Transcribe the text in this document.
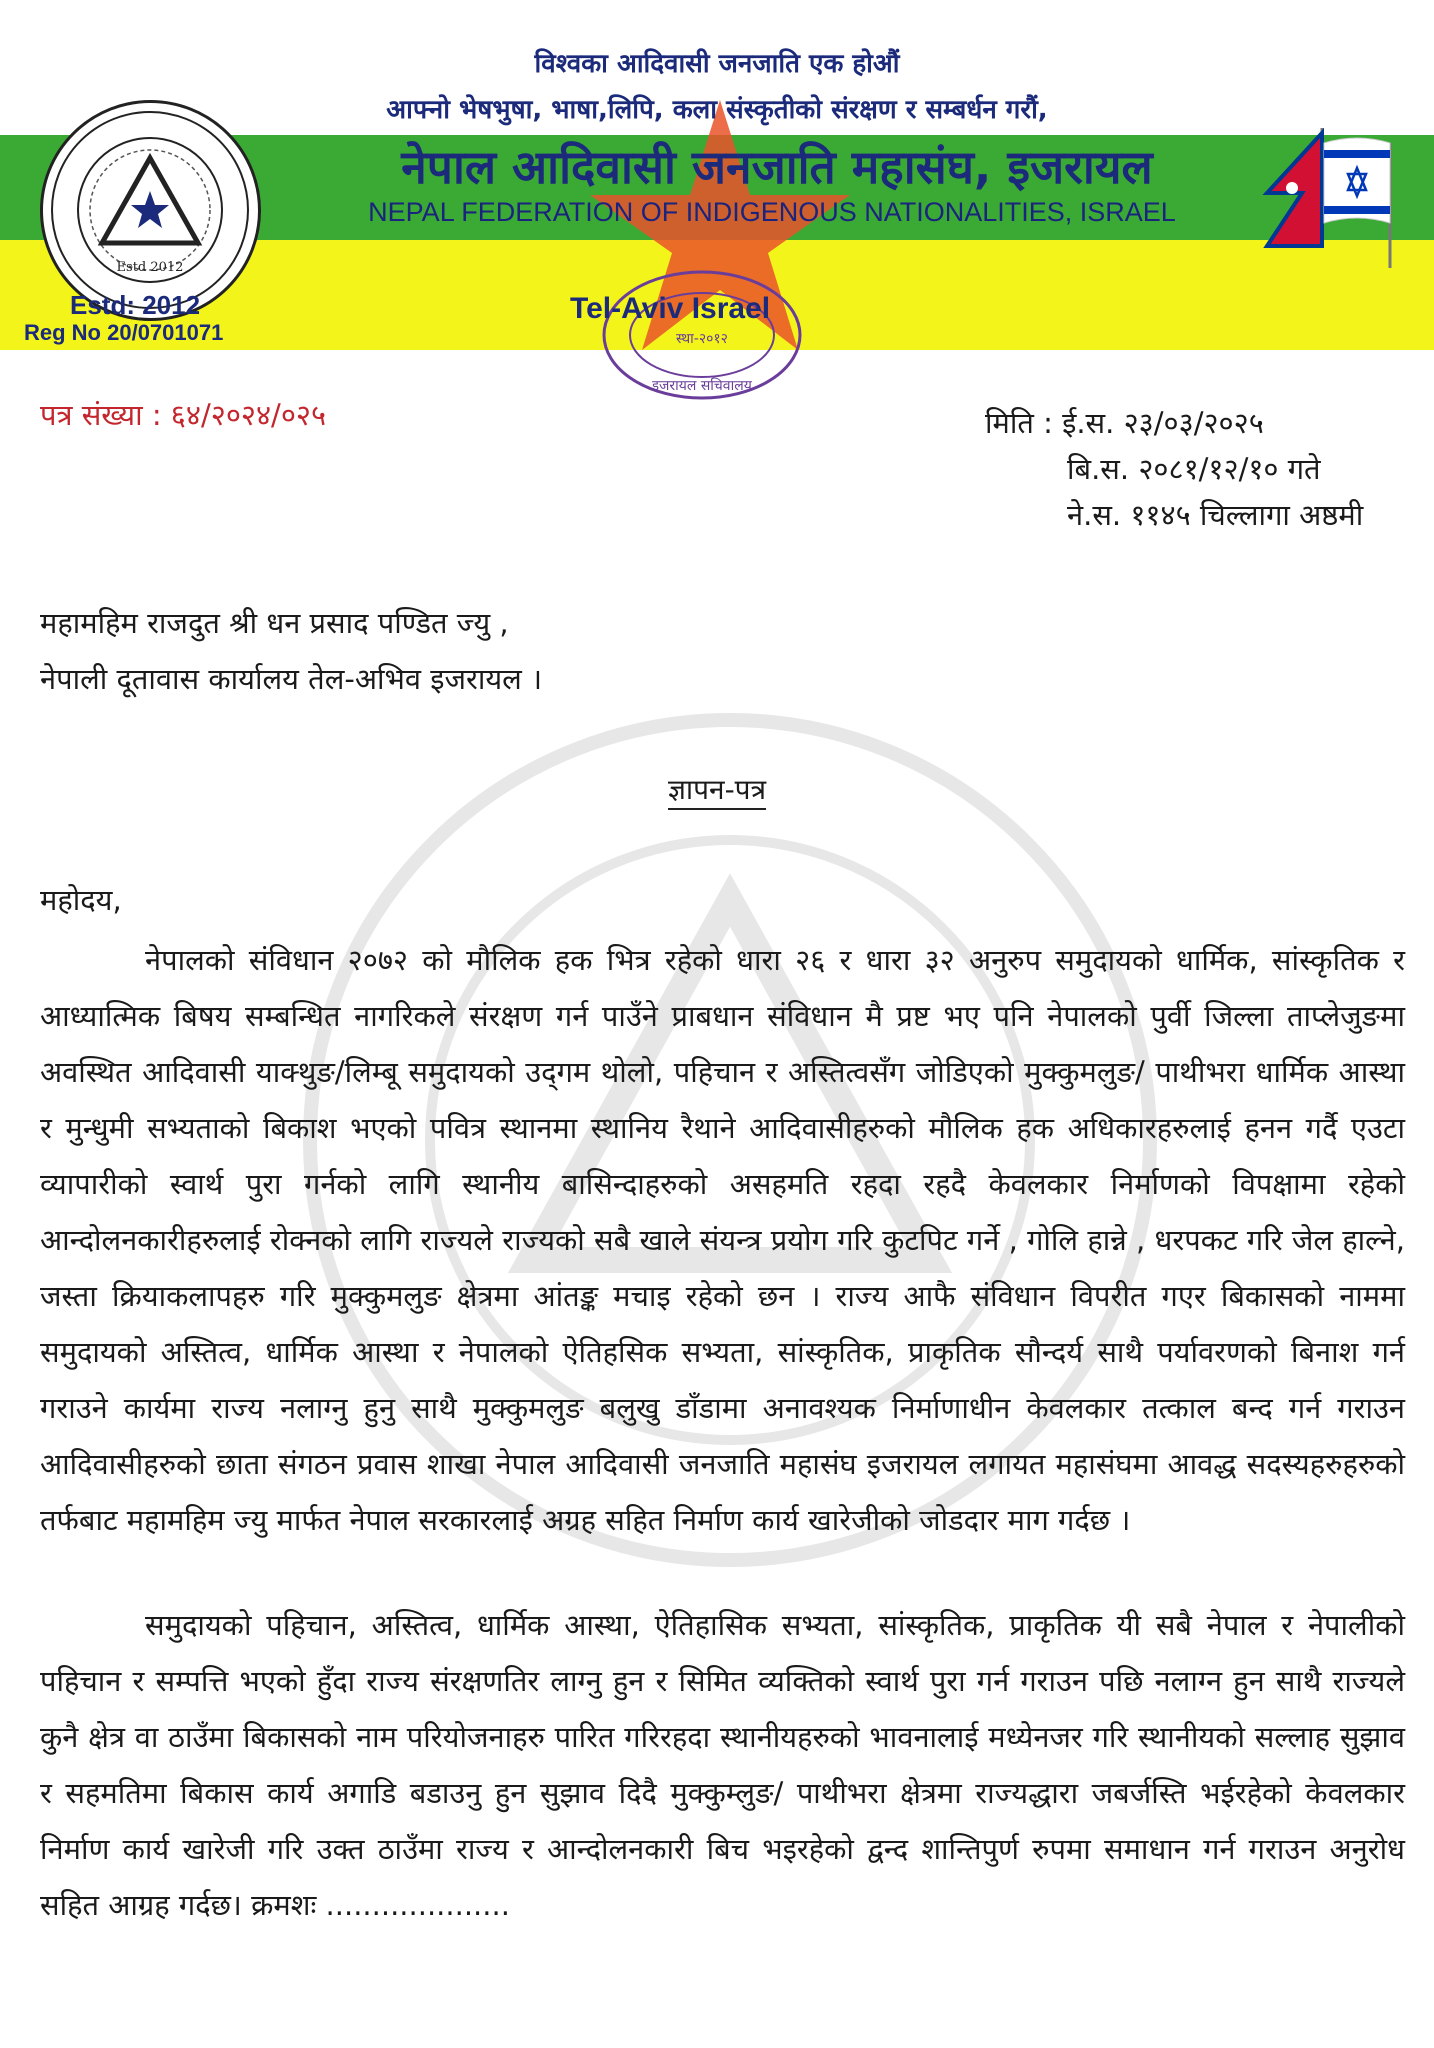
विश्वका आदिवासी जनजाति एक होऔं
आफ्नो भेषभुषा, भाषा,लिपि, कला संस्कृतीको संरक्षण र सम्बर्धन गरौं,
नेपाल आदिवासी जनजाति महासंघ, इजरायल
NEPAL FEDERATION OF INDIGENOUS NATIONALITIES, ISRAEL
Estd 2012
Estd: 2012
Reg No 20/0701071	स्था-२०१२
इजरायल सचिवालय
Tel-Aviv Israel
पत्र संख्या : ६४/२०२४/०२५	मिति : ई.स. २३/०३/२०२५
बि.स. २०८१/१२/१० गते
ने.स. ११४५ चिल्लागा अष्ठमी
महामहिम राजदुत श्री धन प्रसाद पण्डित ज्यु ,
नेपाली दूतावास कार्यालय तेल-अभिव इजरायल ।
ज्ञापन-पत्र
महोदय,
नेपालको संविधान २०७२ को मौलिक हक भित्र रहेको धारा २६ र धारा ३२ अनुरुप समुदायको धार्मिक, सांस्कृतिक र आध्यात्मिक बिषय सम्बन्धित नागरिकले संरक्षण गर्न पाउँने प्राबधान संविधान मै प्रष्ट भए पनि नेपालको पुर्वी जिल्ला ताप्लेजुङमा अवस्थित आदिवासी याक्थुङ/लिम्बू समुदायको उद्‌गम थोलो, पहिचान र अस्तित्वसँग जोडिएको मुक्कुमलुङ/ पाथीभरा धार्मिक आस्था र मुन्धुमी सभ्यताको बिकाश भएको पवित्र स्थानमा स्थानिय रैथाने आदिवासीहरुको मौलिक हक अधिकारहरुलाई हनन गर्दै एउटा व्यापारीको स्वार्थ पुरा गर्नको लागि स्थानीय बासिन्दाहरुको असहमति रहदा रहदै केवलकार निर्माणको विपक्षामा रहेको आन्दोलनकारीहरुलाई रोक्नको लागि राज्यले राज्यको सबै खाले संयन्त्र प्रयोग गरि कुटपिट गर्ने , गोलि हान्ने , धरपकट गरि जेल हाल्ने, जस्ता क्रियाकलापहरु गरि मुक्कुमलुङ क्षेत्रमा आंतङ्क मचाइ रहेको छन । राज्य आफै संविधान विपरीत गएर बिकासको नाममा समुदायको अस्तित्व, धार्मिक आस्था र नेपालको ऐतिहसिक सभ्यता, सांस्कृतिक, प्राकृतिक सौन्दर्य साथै पर्यावरणको बिनाश गर्न गराउने कार्यमा राज्य नलाग्नु हुनु साथै मुक्कुमलुङ बलुखु डाँडामा अनावश्यक निर्माणाधीन केवलकार तत्काल बन्द गर्न गराउन आदिवासीहरुको छाता संगठन प्रवास शाखा नेपाल आदिवासी जनजाति महासंघ इजरायल लगायत महासंघमा आवद्ध सदस्यहरुहरुको तर्फबाट महामहिम ज्यु मार्फत नेपाल सरकारलाई अग्रह सहित निर्माण कार्य खारेजीको जोडदार माग गर्दछ ।
समुदायको पहिचान, अस्तित्व, धार्मिक आस्था, ऐतिहासिक सभ्यता, सांस्कृतिक, प्राकृतिक यी सबै नेपाल र नेपालीको पहिचान र सम्पत्ति भएको हुँदा राज्य संरक्षणतिर लाग्नु हुन र सिमित व्यक्तिको स्वार्थ पुरा गर्न गराउन पछि नलाग्न हुन साथै राज्यले कुनै क्षेत्र वा ठाउँमा बिकासको नाम परियोजनाहरु पारित गरिरहदा स्थानीयहरुको भावनालाई मध्येनजर गरि स्थानीयको सल्लाह सुझाव र सहमतिमा बिकास कार्य अगाडि बडाउनु हुन सुझाव दिदै मुक्कुम्लुङ/ पाथीभरा क्षेत्रमा राज्यद्धारा जबर्जस्ति भईरहेको केवलकार निर्माण कार्य खारेजी गरि उक्त ठाउँमा राज्य र आन्दोलनकारी बिच भइरहेको द्वन्द शान्तिपुर्ण रुपमा समाधान गर्न गराउन अनुरोध सहित आग्रह गर्दछ। क्रमशः ....................
